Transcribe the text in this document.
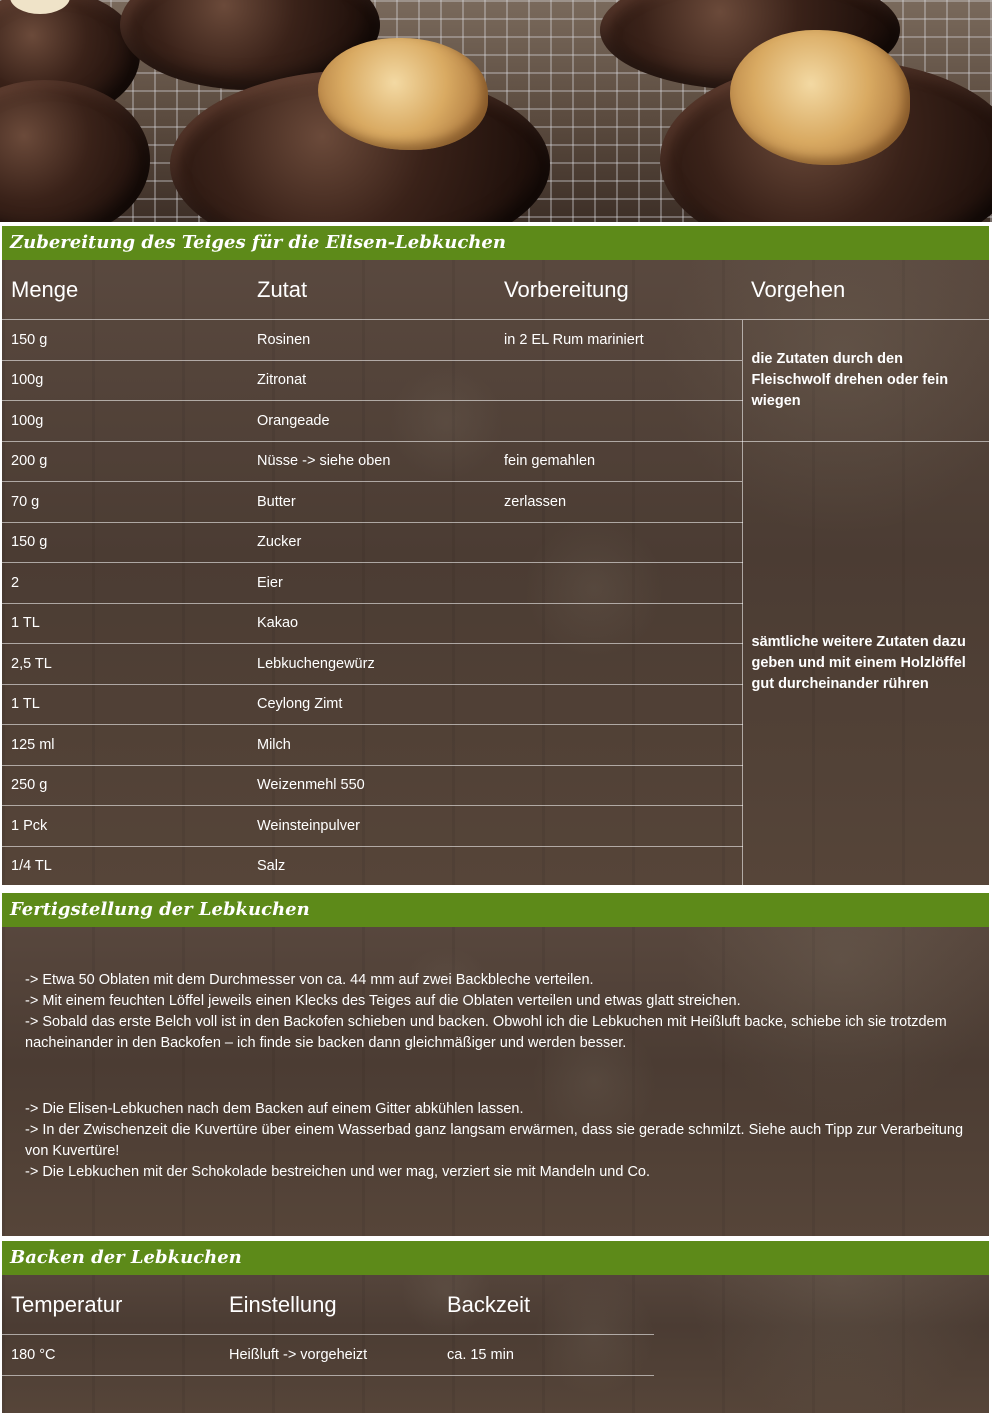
Zubereitung des Teiges für die Elisen-Lebkuchen
Menge	Zutat	Vorbereitung	Vorgehen
150 g	Rosinen	in 2 EL Rum mariniert	die Zutaten durch den Fleischwolf drehen oder fein wiegen
100g	Zitronat		
100g	Orangeade		
200 g	Nüsse -> siehe oben	fein gemahlen	sämtliche weitere Zutaten dazu geben und mit einem Holzlöffel gut durcheinander rühren
70 g	Butter	zerlassen	
150 g	Zucker		
2	Eier		
1 TL	Kakao		
2,5 TL	Lebkuchengewürz		
1 TL	Ceylong Zimt		
125 ml	Milch		
250 g	Weizenmehl 550		
1 Pck	Weinsteinpulver		
1/4 TL	Salz		
Fertigstellung der Lebkuchen

-> Etwa 50 Oblaten mit dem Durchmesser von ca. 44 mm auf zwei Backbleche verteilen.

-> Mit einem feuchten Löffel jeweils einen Klecks des Teiges auf die Oblaten verteilen und etwas glatt streichen.

-> Sobald das erste Belch voll ist in den Backofen schieben und backen. Obwohl ich die Lebkuchen mit Heißluft backe, schiebe ich sie trotzdem nacheinander in den Backofen – ich finde sie backen dann gleichmäßiger und werden besser.

-> Die Elisen-Lebkuchen nach dem Backen auf einem Gitter abkühlen lassen.

-> In der Zwischenzeit die Kuvertüre über einem Wasserbad ganz langsam erwärmen, dass sie gerade schmilzt. Siehe auch Tipp zur Verarbeitung von Kuvertüre!

-> Die Lebkuchen mit der Schokolade bestreichen und wer mag, verziert sie mit Mandeln und Co.

Backen der Lebkuchen
Temperatur	Einstellung	Backzeit
180 °C	Heißluft -> vorgeheizt	ca. 15 min
